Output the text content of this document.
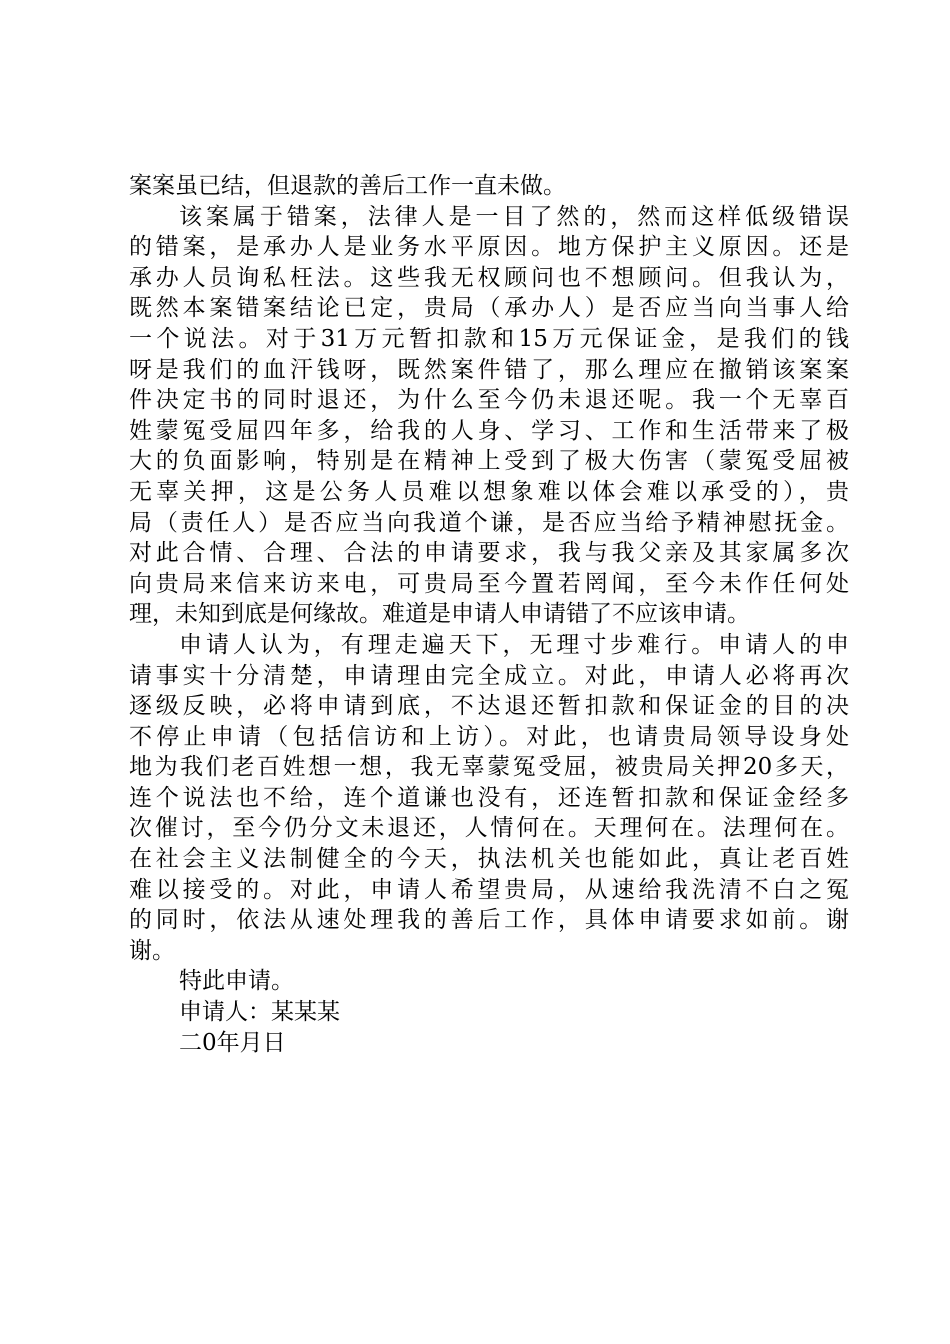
案案虽已结，但退款的善后工作一直未做。
该案属于错案，法律人是一目了然的，然而这样低级错误
的错案，是承办人是业务水平原因。地方保护主义原因。还是
承办人员询私枉法。这些我无权顾问也不想顾问。但我认为，
既然本案错案结论已定，贵局（承办人）是否应当向当事人给
一个说法。对于31万元暂扣款和15万元保证金，是我们的钱
呀是我们的血汗钱呀，既然案件错了，那么理应在撤销该案案
件决定书的同时退还，为什么至今仍未退还呢。我一个无辜百
姓蒙冤受屈四年多，给我的人身、学习、工作和生活带来了极
大的负面影响，特别是在精神上受到了极大伤害（蒙冤受屈被
无辜关押，这是公务人员难以想象难以体会难以承受的），贵
局（责任人）是否应当向我道个谦，是否应当给予精神慰抚金。
对此合情、合理、合法的申请要求，我与我父亲及其家属多次
向贵局来信来访来电，可贵局至今置若罔闻，至今未作任何处
理，未知到底是何缘故。难道是申请人申请错了不应该申请。
申请人认为，有理走遍天下，无理寸步难行。申请人的申
请事实十分清楚，申请理由完全成立。对此，申请人必将再次
逐级反映，必将申请到底，不达退还暂扣款和保证金的目的决
不停止申请（包括信访和上访）。对此，也请贵局领导设身处
地为我们老百姓想一想，我无辜蒙冤受屈，被贵局关押20多天，
连个说法也不给，连个道谦也没有，还连暂扣款和保证金经多
次催讨，至今仍分文未退还，人情何在。天理何在。法理何在。
在社会主义法制健全的今天，执法机关也能如此，真让老百姓
难以接受的。对此，申请人希望贵局，从速给我洗清不白之冤
的同时，依法从速处理我的善后工作，具体申请要求如前。谢
谢。
特此申请。
申请人：某某某
二0年月日
